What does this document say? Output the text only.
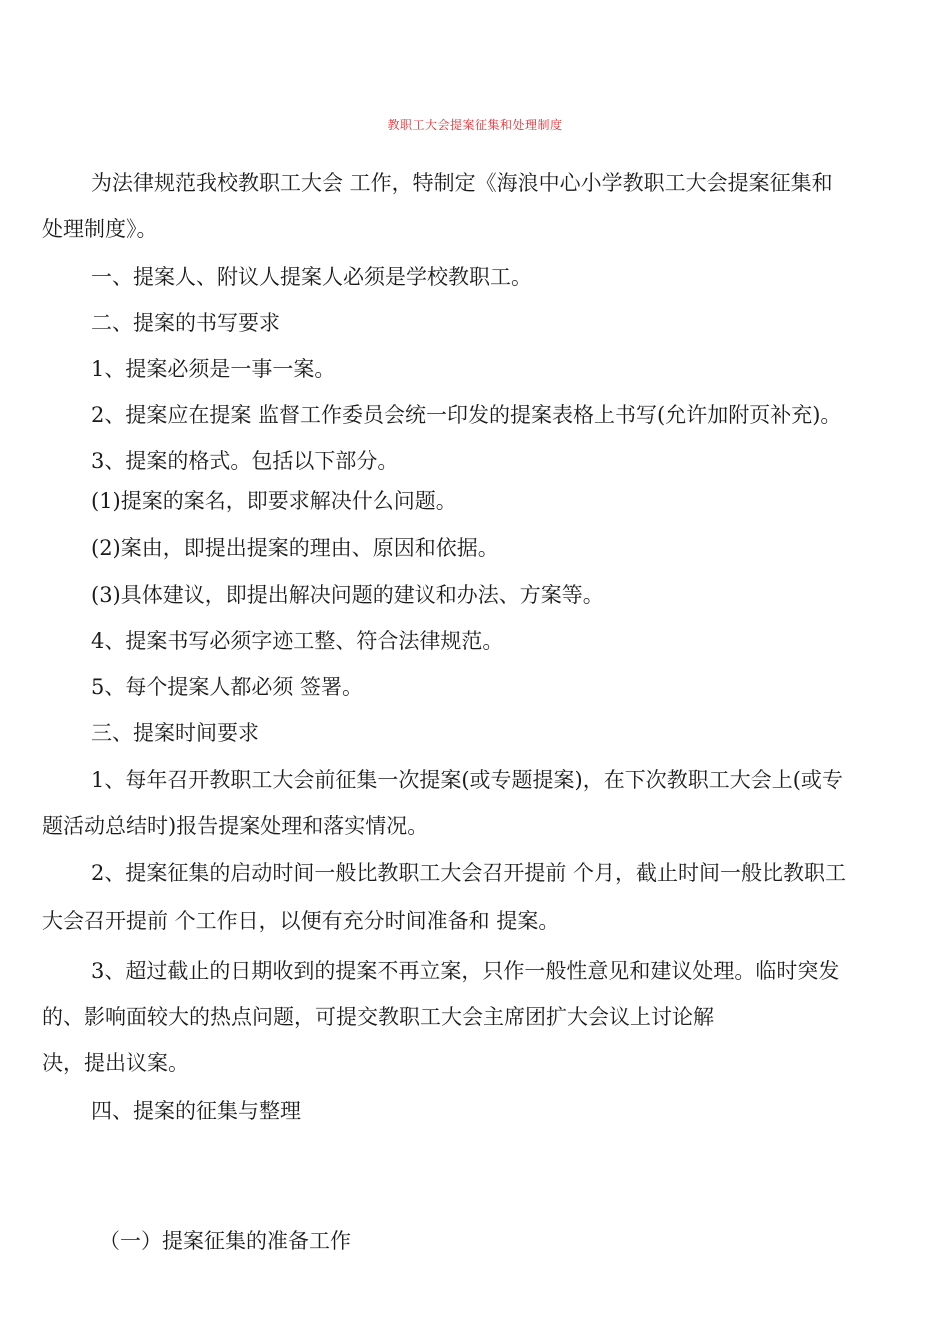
教职工大会提案征集和处理制度
为法律规范我校教职工大会 工作，特制定《海浪中心小学教职工大会提案征集和
处理制度》。
一、提案人、附议人提案人必须是学校教职工。
二、提案的书写要求
1、提案必须是一事一案。
2、提案应在提案 监督工作委员会统一印发的提案表格上书写(允许加附页补充)。
3、提案的格式。包括以下部分。
(1)提案的案名，即要求解决什么问题。
(2)案由，即提出提案的理由、原因和依据。
(3)具体建议，即提出解决问题的建议和办法、方案等。
4、提案书写必须字迹工整、符合法律规范。
5、每个提案人都必须 签署。
三、提案时间要求
1、每年召开教职工大会前征集一次提案(或专题提案)，在下次教职工大会上(或专
题活动总结时)报告提案处理和落实情况。
2、提案征集的启动时间一般比教职工大会召开提前 个月，截止时间一般比教职工
大会召开提前 个工作日，以便有充分时间准备和 提案。
3、超过截止的日期收到的提案不再立案，只作一般性意见和建议处理。临时突发
的、影响面较大的热点问题，可提交教职工大会主席团扩大会议上讨论解
决，提出议案。
四、提案的征集与整理
（一）提案征集的准备工作
